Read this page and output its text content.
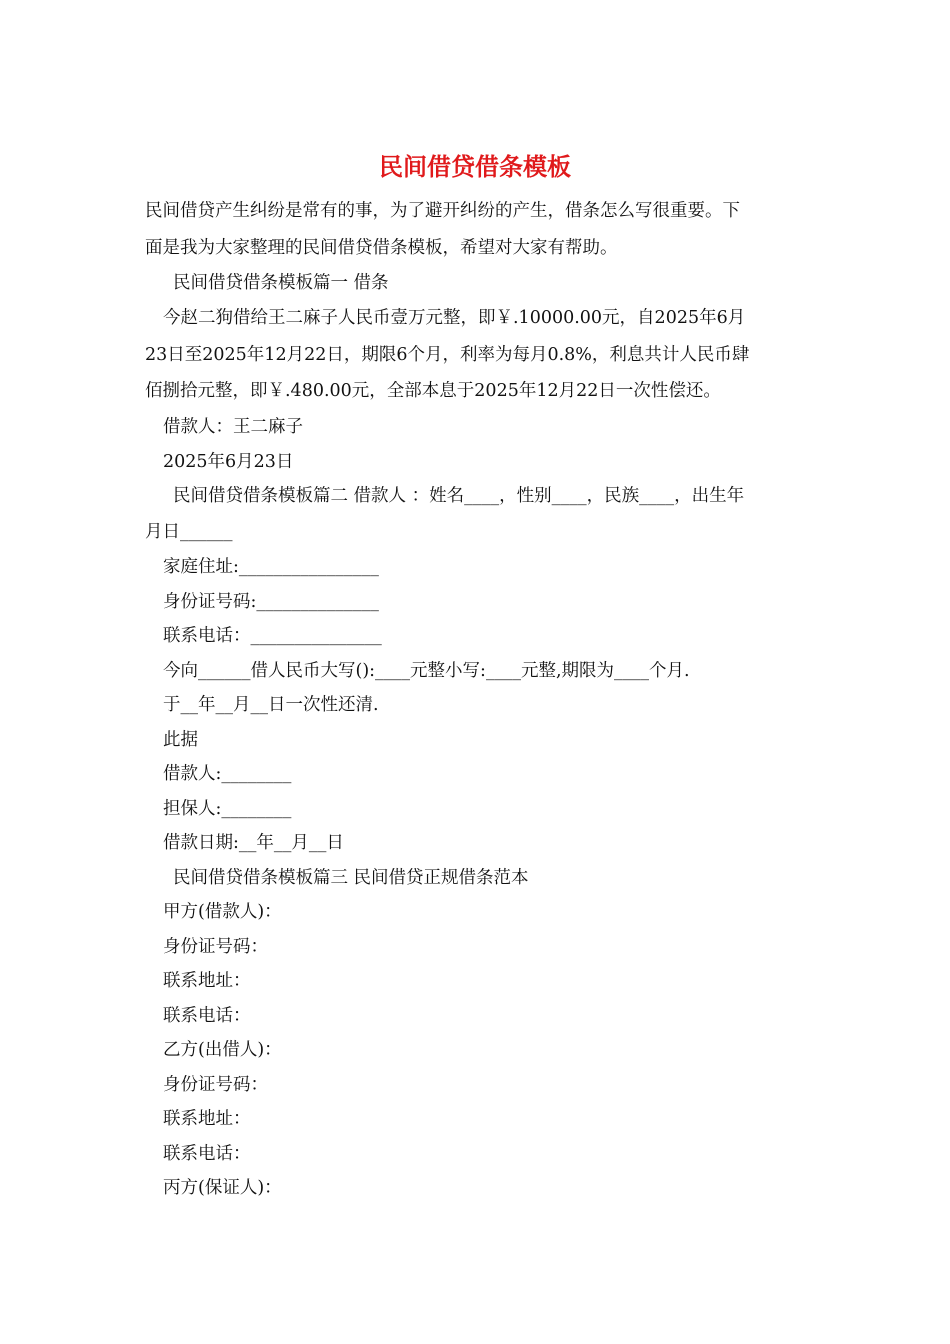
民间借贷借条模板
民间借贷产生纠纷是常有的事，为了避开纠纷的产生，借条怎么写很重要。下
面是我为大家整理的民间借贷借条模板，希望对大家有帮助。
民间借贷借条模板篇一 借条
今赵二狗借给王二麻子人民币壹万元整，即￥.10000.00元，自2025年6月
23日至2025年12月22日，期限6个月，利率为每月0.8%，利息共计人民币肆
佰捌拾元整，即￥.480.00元，全部本息于2025年12月22日一次性偿还。
借款人：王二麻子
2025年6月23日
民间借贷借条模板篇二 借款人 ：姓名____，性别____，民族____，出生年
月日______
家庭住址:________________
身份证号码:______________
联系电话：_______________
今向______借人民币大写():____元整小写:____元整,期限为____个月.
于__年__月__日一次性还清.
此据
借款人:________
担保人:________
借款日期:__年__月__日
民间借贷借条模板篇三 民间借贷正规借条范本
甲方(借款人)：
身份证号码：
联系地址：
联系电话：
乙方(出借人)：
身份证号码：
联系地址：
联系电话：
丙方(保证人)：
